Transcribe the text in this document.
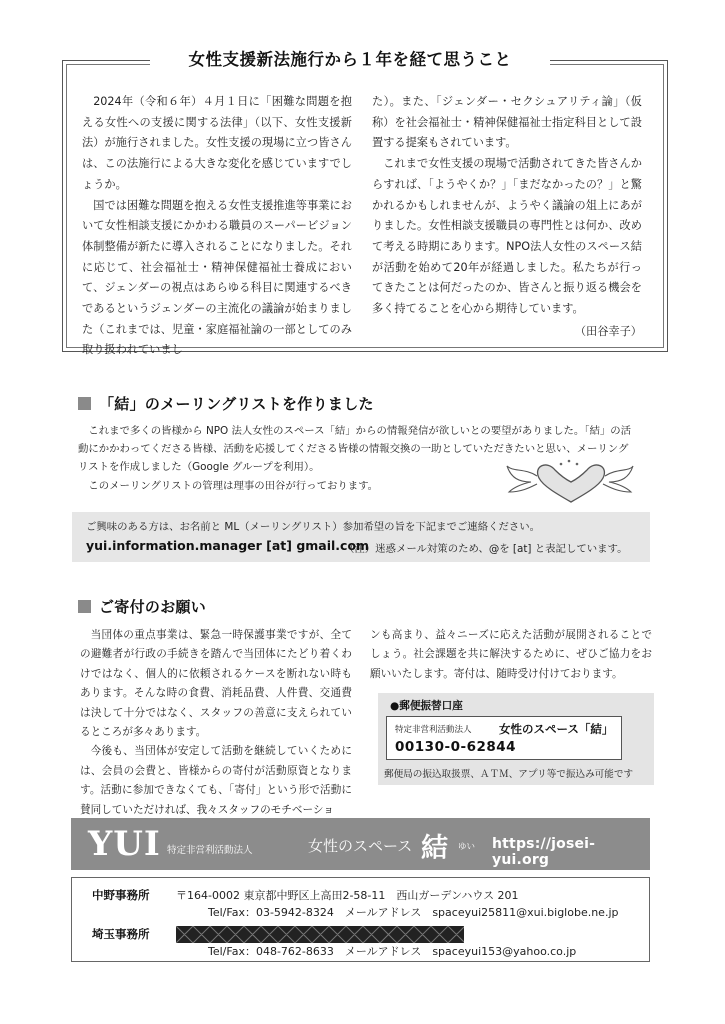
女性支援新法施行から１年を経て思うこと

2024年（令和６年）４月１日に「困難な問題を抱える女性への支援に関する法律」（以下、女性支援新法）が施行されました。女性支援の現場に立つ皆さんは、この法施行による大きな変化を感じていますでしょうか。

国では困難な問題を抱える女性支援推進等事業において女性相談支援にかかわる職員のスーパービジョン体制整備が新たに導入されることになりました。それに応じて、社会福祉士・精神保健福祉士養成において、ジェンダーの視点はあらゆる科目に関連するべきであるというジェンダーの主流化の議論が始まりました（これまでは、児童・家庭福祉論の一部としてのみ取り扱われていまし

た）。また、「ジェンダー・セクシュアリティ論」（仮称）を社会福祉士・精神保健福祉士指定科目として設置する提案もされています。

これまで女性支援の現場で活動されてきた皆さんからすれば、「ようやくか？」「まだなかったの？」と驚かれるかもしれませんが、ようやく議論の俎上にあがりました。女性相談支援職員の専門性とは何か、改めて考える時期にあります。NPO法人女性のスペース結が活動を始めて20年が経過しました。私たちが行ってきたことは何だったのか、皆さんと振り返る機会を多く持てることを心から期待しています。

（田谷幸子）

「結」のメーリングリストを作りました

これまで多くの皆様から NPO 法人女性のスペース「結」からの情報発信が欲しいとの要望がありました。「結」の活動にかかわってくださる皆様、活動を応援してくださる皆様の情報交換の一助としていただきたいと思い、メーリングリストを作成しました（Google グループを利用）。

このメーリングリストの管理は理事の田谷が行っております。

ご興味のある方は、お名前と ML（メーリングリスト）参加希望の旨を下記までご連絡ください。
yui.information.manager [at] gmail.com
（注）迷惑メール対策のため、@を [at] と表記しています。
ご寄付のお願い

当団体の重点事業は、緊急一時保護事業ですが、全ての避難者が行政の手続きを踏んで当団体にたどり着くわけではなく、個人的に依頼されるケースを断れない時もあります。そんな時の食費、消耗品費、人件費、交通費は決して十分ではなく、スタッフの善意に支えられているところが多々あります。

今後も、当団体が安定して活動を継続していくためには、会員の会費と、皆様からの寄付が活動原資となります。活動に参加できなくても、「寄付」という形で活動に賛同していただければ、我々スタッフのモチベーショ

ンも高まり、益々ニーズに応えた活動が展開されることでしょう。社会課題を共に解決するために、ぜひご協力をお願いいたします。寄付は、随時受け付けております。

●郵便振替口座
特定非営利活動法人 女性のスペース「結」
00130-0-62844
郵便局の振込取扱票、ＡＴＭ、アプリ等で振込み可能です
YUI 特定非営利活動法人	女性のスペース 結 ゆい https://josei-yui.org
中野事務所 〒164-0002 東京都中野区上高田2-58-11　西山ガーデンハウス 201
Tel/Fax：03-5942-8324　メールアドレス　spaceyui25811@xui.biglobe.ne.jp
埼玉事務所
Tel/Fax：048-762-8633　メールアドレス　spaceyui153@yahoo.co.jp
